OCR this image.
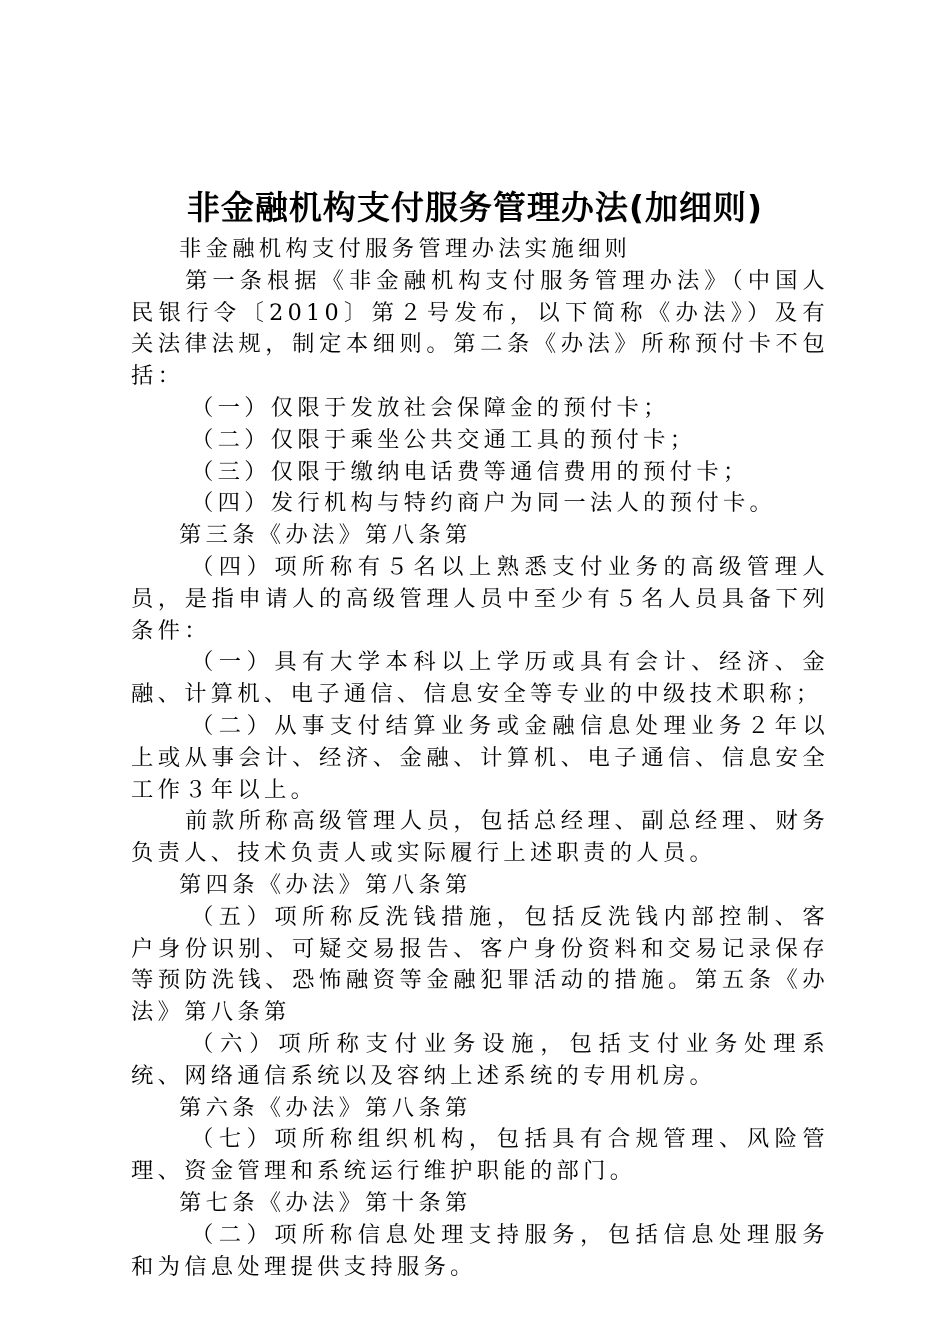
非金融机构支付服务管理办法(加细则)

非金融机构支付服务管理办法实施细则

第一条根据《非金融机构支付服务管理办法》（中国人民银行令〔2010〕第２号发布，以下简称《办法》）及有关法律法规，制定本细则。第二条《办法》所称预付卡不包括：

（一）仅限于发放社会保障金的预付卡；

（二）仅限于乘坐公共交通工具的预付卡；

（三）仅限于缴纳电话费等通信费用的预付卡；

（四）发行机构与特约商户为同一法人的预付卡。

第三条《办法》第八条第

（四）项所称有５名以上熟悉支付业务的高级管理人员，是指申请人的高级管理人员中至少有５名人员具备下列条件：

（一）具有大学本科以上学历或具有会计、经济、金融、计算机、电子通信、信息安全等专业的中级技术职称；

（二）从事支付结算业务或金融信息处理业务２年以上或从事会计、经济、金融、计算机、电子通信、信息安全工作３年以上。

前款所称高级管理人员，包括总经理、副总经理、财务负责人、技术负责人或实际履行上述职责的人员。

第四条《办法》第八条第

（五）项所称反洗钱措施，包括反洗钱内部控制、客户身份识别、可疑交易报告、客户身份资料和交易记录保存等预防洗钱、恐怖融资等金融犯罪活动的措施。第五条《办法》第八条第

（六）项所称支付业务设施，包括支付业务处理系统、网络通信系统以及容纳上述系统的专用机房。

第六条《办法》第八条第

（七）项所称组织机构，包括具有合规管理、风险管理、资金管理和系统运行维护职能的部门。

第七条《办法》第十条第

（二）项所称信息处理支持服务，包括信息处理服务和为信息处理提供支持服务。
